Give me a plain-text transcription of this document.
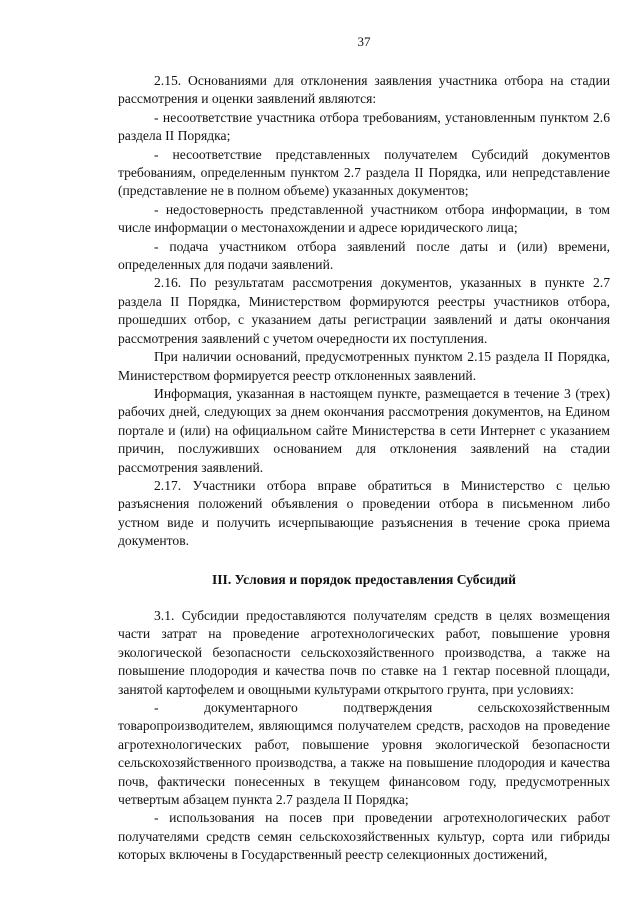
37

2.15. Основаниями для отклонения заявления участника отбора на стадии рассмотрения и оценки заявлений являются:

- несоответствие участника отбора требованиям, установленным пунктом 2.6 раздела II Порядка;

- несоответствие представленных получателем Субсидий документов требованиям, определенным пунктом 2.7 раздела II Порядка, или непредставление (представление не в полном объеме) указанных документов;

- недостоверность представленной участником отбора информации, в том числе информации о местонахождении и адресе юридического лица;

- подача участником отбора заявлений после даты и (или) времени, определенных для подачи заявлений.

2.16. По результатам рассмотрения документов, указанных в пункте 2.7 раздела II Порядка, Министерством формируются реестры участников отбора, прошедших отбор, с указанием даты регистрации заявлений и даты окончания рассмотрения заявлений с учетом очередности их поступления.

При наличии оснований, предусмотренных пунктом 2.15 раздела II Порядка, Министерством формируется реестр отклоненных заявлений.

Информация, указанная в настоящем пункте, размещается в течение 3 (трех) рабочих дней, следующих за днем окончания рассмотрения документов, на Едином портале и (или) на официальном сайте Министерства в сети Интернет с указанием причин, послуживших основанием для отклонения заявлений на стадии рассмотрения заявлений.

2.17. Участники отбора вправе обратиться в Министерство с целью разъяснения положений объявления о проведении отбора в письменном либо устном виде и получить исчерпывающие разъяснения в течение срока приема документов.

III. Условия и порядок предоставления Субсидий

3.1. Субсидии предоставляются получателям средств в целях возмещения части затрат на проведение агротехнологических работ, повышение уровня экологической безопасности сельскохозяйственного производства, а также на повышение плодородия и качества почв по ставке на 1 гектар посевной площади, занятой картофелем и овощными культурами открытого грунта, при условиях:

- документарного подтверждения сельскохозяйственным товаропроизводителем, являющимся получателем средств, расходов на проведение агротехнологических работ, повышение уровня экологической безопасности сельскохозяйственного производства, а также на повышение плодородия и качества почв, фактически понесенных в текущем финансовом году, предусмотренных четвертым абзацем пункта 2.7 раздела II Порядка;

- использования на посев при проведении агротехнологических работ получателями средств семян сельскохозяйственных культур, сорта или гибриды которых включены в Государственный реестр селекционных достижений,
